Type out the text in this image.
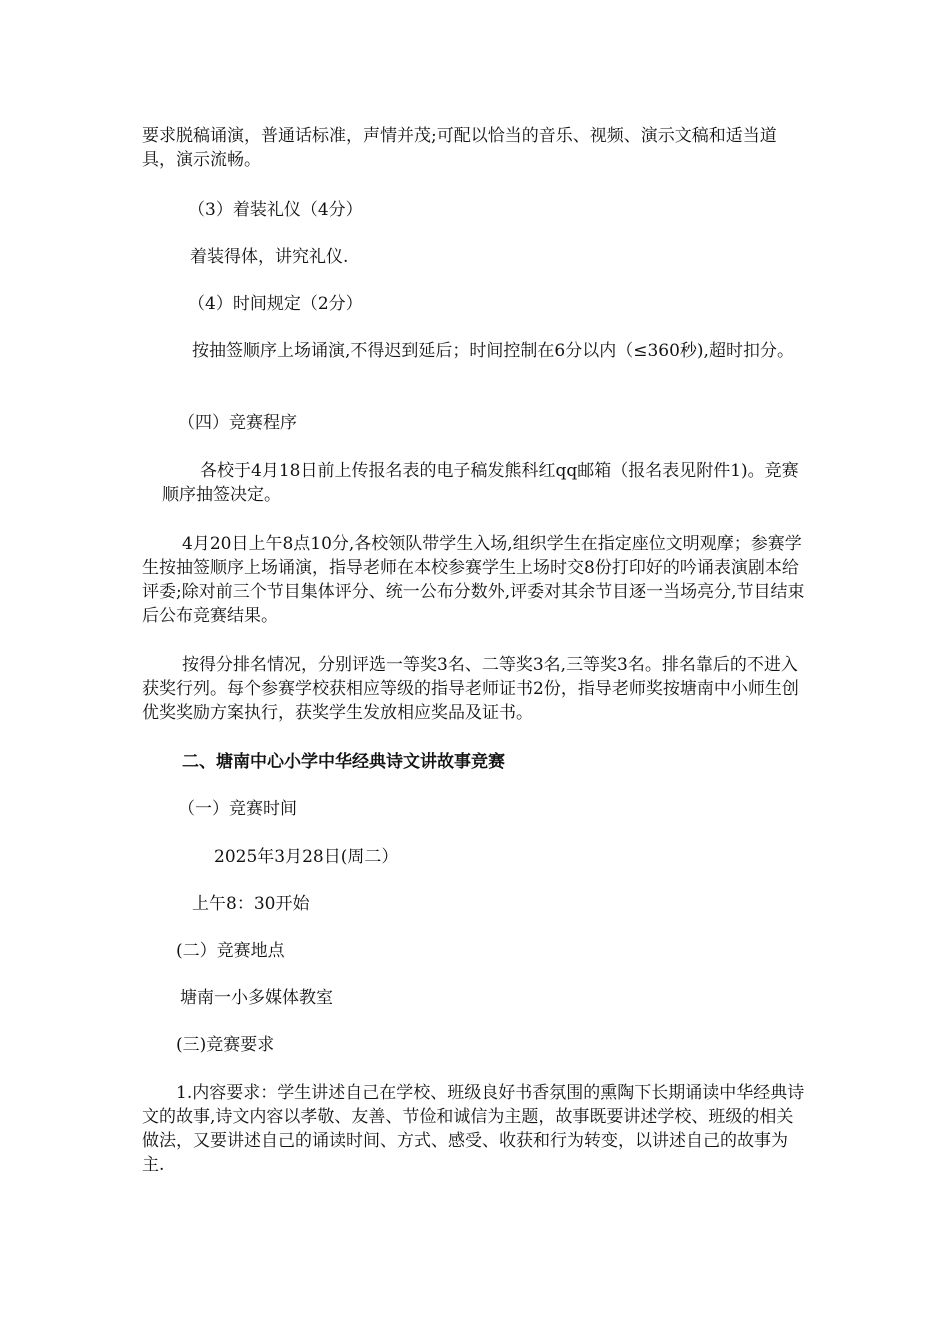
要求脱稿诵演，普通话标准，声情并茂;可配以恰当的音乐、视频、演示文稿和适当道具，演示流畅。

（3）着装礼仪（4分）

着装得体，讲究礼仪.

（4）时间规定（2分）

按抽签顺序上场诵演,不得迟到延后；时间控制在6分以内（≤360秒),超时扣分。

（四）竞赛程序

各校于4月18日前上传报名表的电子稿发熊科红qq邮箱（报名表见附件1)。竞赛顺序抽签决定。

4月20日上午8点10分,各校领队带学生入场,组织学生在指定座位文明观摩；参赛学生按抽签顺序上场诵演，指导老师在本校参赛学生上场时交8份打印好的吟诵表演剧本给评委;除对前三个节目集体评分、统一公布分数外,评委对其余节目逐一当场亮分,节目结束后公布竞赛结果。

按得分排名情况，分别评选一等奖3名、二等奖3名,三等奖3名。排名靠后的不进入获奖行列。每个参赛学校获相应等级的指导老师证书2份，指导老师奖按塘南中小师生创优奖奖励方案执行，获奖学生发放相应奖品及证书。

二、塘南中心小学中华经典诗文讲故事竞赛

（一）竞赛时间

2025年3月28日(周二）

上午8：30开始

(二）竞赛地点

塘南一小多媒体教室

(三)竞赛要求

1.内容要求：学生讲述自己在学校、班级良好书香氛围的熏陶下长期诵读中华经典诗文的故事,诗文内容以孝敬、友善、节俭和诚信为主题，故事既要讲述学校、班级的相关做法，又要讲述自己的诵读时间、方式、感受、收获和行为转变，以讲述自己的故事为主.
